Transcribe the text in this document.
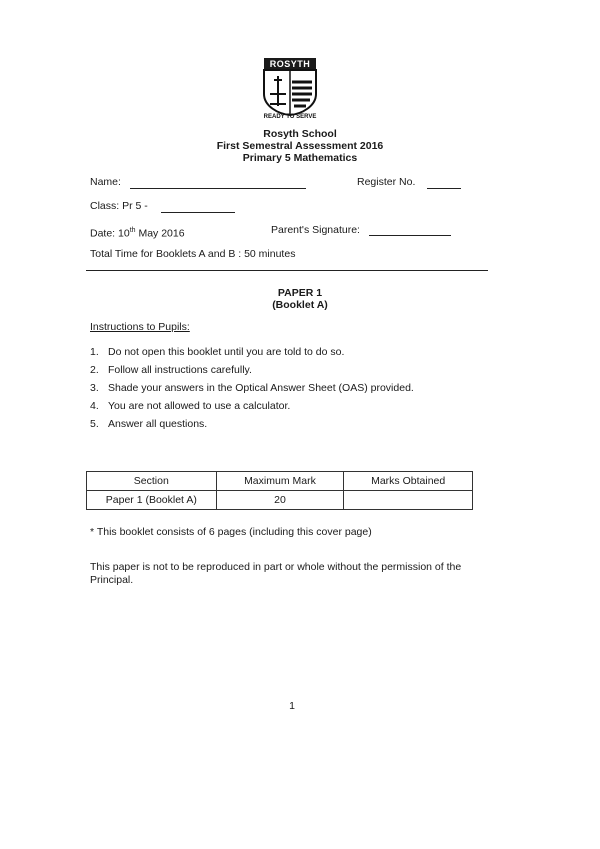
ROSYTH
READY TO SERVE
Rosyth School
First Semestral Assessment 2016
Primary 5 Mathematics
Name:	Register No.
Class: Pr 5 -
Date: 10th May 2016	Parent's Signature:
Total Time for Booklets A and B : 50 minutes
PAPER 1
(Booklet A)
Instructions to Pupils:
1. Do not open this booklet until you are told to do so.
2. Follow all instructions carefully.
3. Shade your answers in the Optical Answer Sheet (OAS) provided.
4. You are not allowed to use a calculator.
5. Answer all questions.
Section	Maximum Mark	Marks Obtained
Paper 1 (Booklet A)	20	
* This booklet consists of 6 pages (including this cover page)
This paper is not to be reproduced in part or whole without the permission of the Principal.
1
